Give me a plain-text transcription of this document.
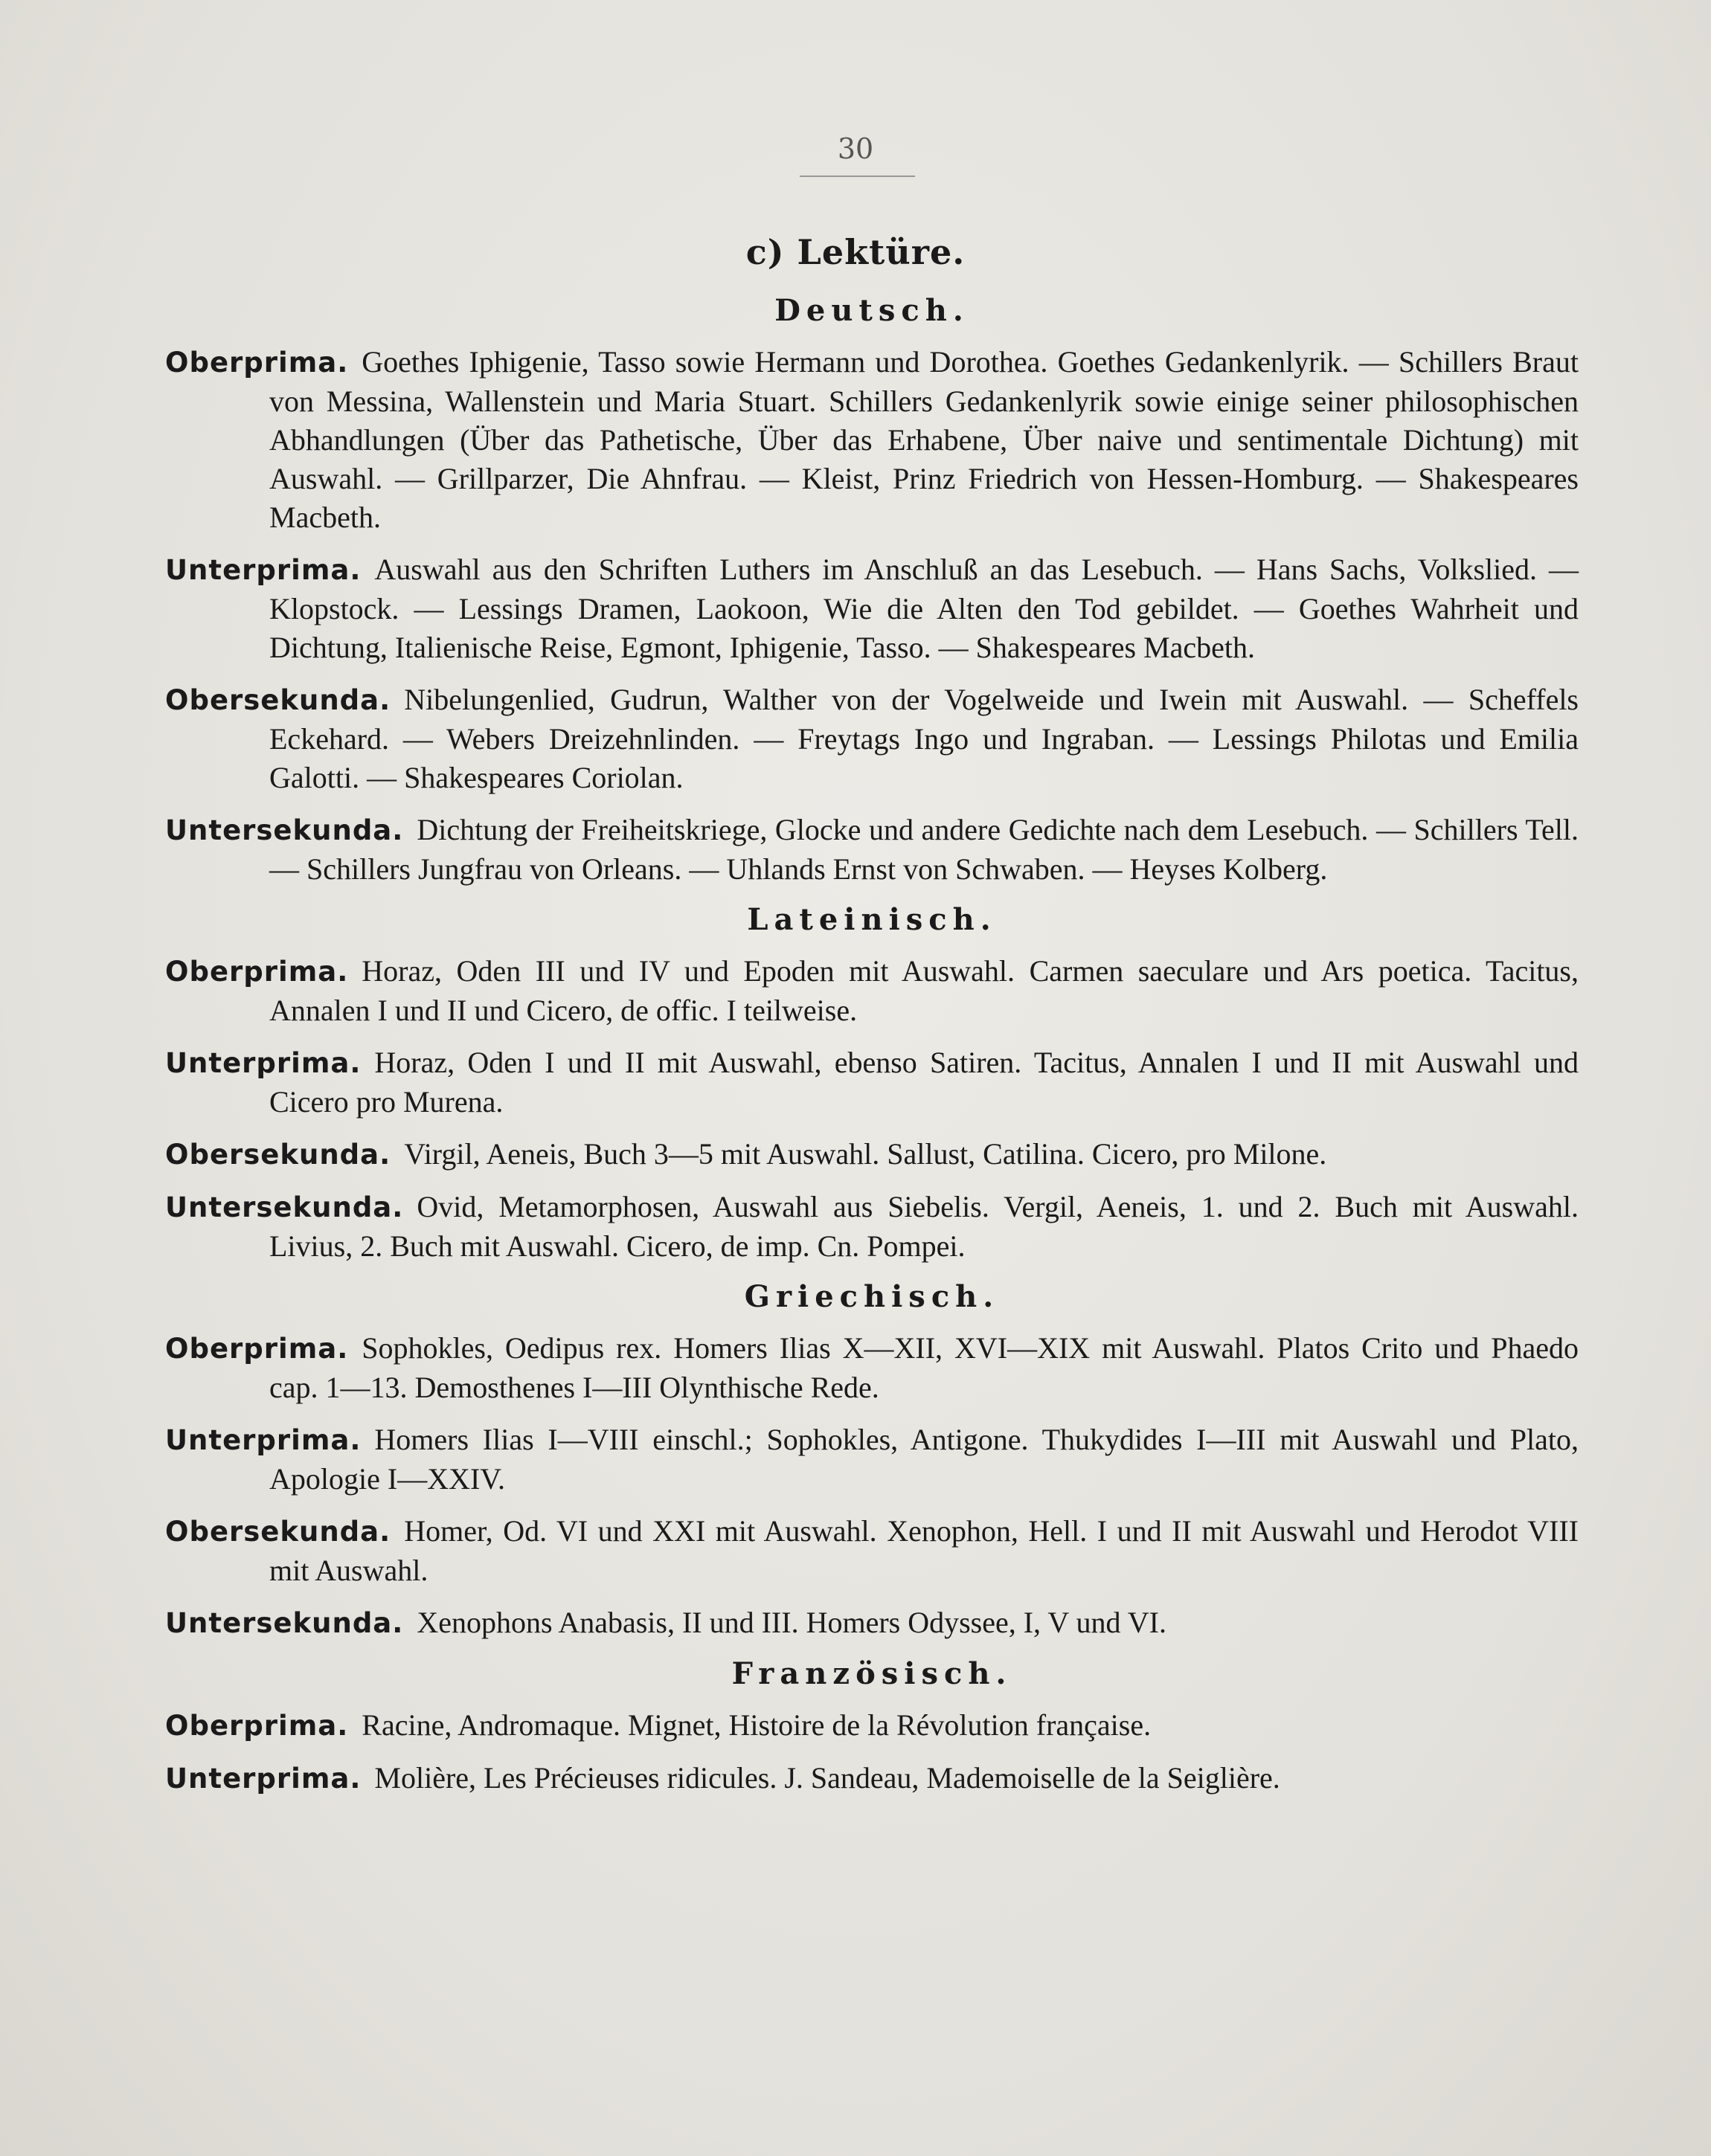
30
c) Lektüre.
Deutsch.

Oberprima. Goethes Iphigenie, Tasso sowie Hermann und Dorothea. Goethes Gedankenlyrik. — Schillers Braut von Messina, Wallenstein und Maria Stuart. Schillers Gedankenlyrik sowie einige seiner philosophischen Abhandlungen (Über das Pathetische, Über das Erhabene, Über naive und sentimentale Dichtung) mit Auswahl. — Grillparzer, Die Ahnfrau. — Kleist, Prinz Friedrich von Hessen-Homburg. — Shakespeares Macbeth.

Unterprima. Auswahl aus den Schriften Luthers im Anschluß an das Lesebuch. — Hans Sachs, Volkslied. — Klopstock. — Lessings Dramen, Laokoon, Wie die Alten den Tod gebildet. — Goethes Wahrheit und Dichtung, Italienische Reise, Egmont, Iphigenie, Tasso. — Shakespeares Macbeth.

Obersekunda. Nibelungenlied, Gudrun, Walther von der Vogelweide und Iwein mit Auswahl. — Scheffels Eckehard. — Webers Dreizehnlinden. — Freytags Ingo und Ingraban. — Lessings Philotas und Emilia Galotti. — Shakespeares Coriolan.

Untersekunda. Dichtung der Freiheitskriege, Glocke und andere Gedichte nach dem Lesebuch. — Schillers Tell. — Schillers Jungfrau von Orleans. — Uhlands Ernst von Schwaben. — Heyses Kolberg.

Lateinisch.

Oberprima. Horaz, Oden III und IV und Epoden mit Auswahl. Carmen saeculare und Ars poetica. Tacitus, Annalen I und II und Cicero, de offic. I teilweise.

Unterprima. Horaz, Oden I und II mit Auswahl, ebenso Satiren. Tacitus, Annalen I und II mit Auswahl und Cicero pro Murena.

Obersekunda. Virgil, Aeneis, Buch 3—5 mit Auswahl. Sallust, Catilina. Cicero, pro Milone.

Untersekunda. Ovid, Metamorphosen, Auswahl aus Siebelis. Vergil, Aeneis, 1. und 2. Buch mit Auswahl. Livius, 2. Buch mit Auswahl. Cicero, de imp. Cn. Pompei.

Griechisch.

Oberprima. Sophokles, Oedipus rex. Homers Ilias X—XII, XVI—XIX mit Auswahl. Platos Crito und Phaedo cap. 1—13. Demosthenes I—III Olynthische Rede.

Unterprima. Homers Ilias I—VIII einschl.; Sophokles, Antigone. Thukydides I—III mit Auswahl und Plato, Apologie I—XXIV.

Obersekunda. Homer, Od. VI und XXI mit Auswahl. Xenophon, Hell. I und II mit Auswahl und Herodot VIII mit Auswahl.

Untersekunda. Xenophons Anabasis, II und III. Homers Odyssee, I, V und VI.

Französisch.

Oberprima. Racine, Andromaque. Mignet, Histoire de la Révolution française.

Unterprima. Molière, Les Précieuses ridicules. J. Sandeau, Mademoiselle de la Seiglière.
